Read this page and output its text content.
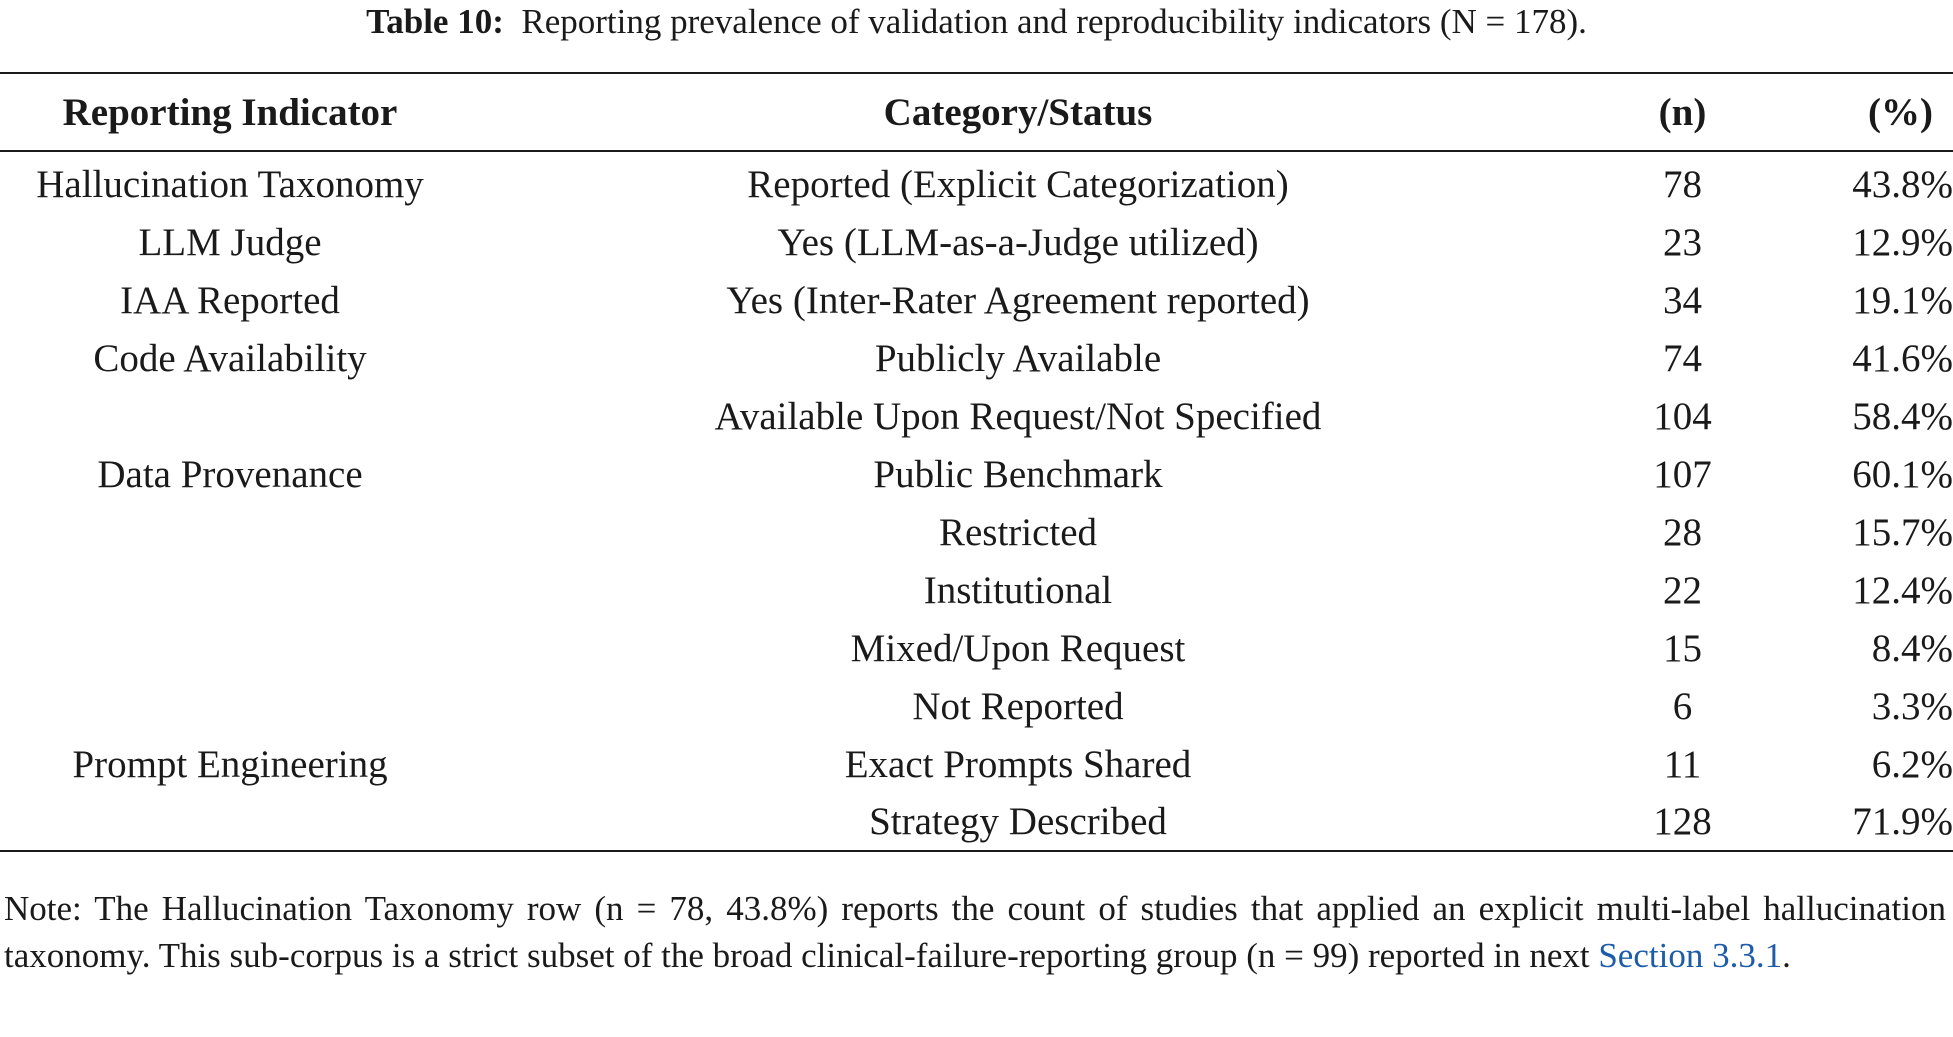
Table 10: Reporting prevalence of validation and reproducibility indicators (N = 178).
Reporting Indicator	Category/Status	(n)	(%)
Hallucination Taxonomy	Reported (Explicit Categorization)	78	43.8%
LLM Judge	Yes (LLM-as-a-Judge utilized)	23	12.9%
IAA Reported	Yes (Inter-Rater Agreement reported)	34	19.1%
Code Availability	Publicly Available	74	41.6%
	Available Upon Request/Not Specified	104	58.4%
Data Provenance	Public Benchmark	107	60.1%
	Restricted	28	15.7%
	Institutional	22	12.4%
	Mixed/Upon Request	15	8.4%
	Not Reported	6	3.3%
Prompt Engineering	Exact Prompts Shared	11	6.2%
	Strategy Described	128	71.9%
Note: The Hallucination Taxonomy row (n = 78, 43.8%) reports the count of studies that applied an explicit multi-label hallucination taxonomy. This sub-corpus is a strict subset of the broad clinical-failure-reporting group (n = 99) reported in next Section 3.3.1.
